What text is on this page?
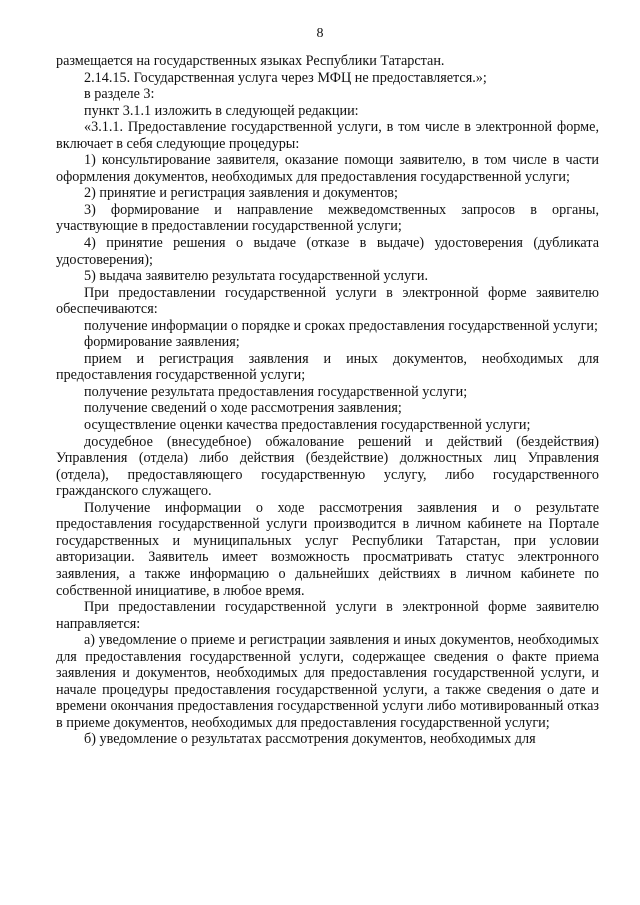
8

размещается на государственных языках Республики Татарстан.

2.14.15. Государственная услуга через МФЦ не предоставляется.»;

в разделе 3:

пункт 3.1.1 изложить в следующей редакции:

«3.1.1. Предоставление государственной услуги, в том числе в электронной форме, включает в себя следующие процедуры:

1) консультирование заявителя, оказание помощи заявителю, в том числе в части оформления документов, необходимых для предоставления государственной услуги;

2) принятие и регистрация заявления и документов;

3) формирование и направление межведомственных запросов в органы, участвующие в предоставлении государственной услуги;

4) принятие решения о выдаче (отказе в выдаче) удостоверения (дубликата удостоверения);

5) выдача заявителю результата государственной услуги.

При предоставлении государственной услуги в электронной форме заявителю обеспечиваются:

получение информации о порядке и сроках предоставления государственной услуги;

формирование заявления;

прием и регистрация заявления и иных документов, необходимых для предоставления государственной услуги;

получение результата предоставления государственной услуги;

получение сведений о ходе рассмотрения заявления;

осуществление оценки качества предоставления государственной услуги;

досудебное (внесудебное) обжалование решений и действий (бездействия) Управления (отдела) либо действия (бездействие) должностных лиц Управления (отдела), предоставляющего государственную услугу, либо государственного гражданского служащего.

Получение информации о ходе рассмотрения заявления и о результате предоставления государственной услуги производится в личном кабинете на Портале государственных и муниципальных услуг Республики Татарстан, при условии авторизации. Заявитель имеет возможность просматривать статус электронного заявления, а также информацию о дальнейших действиях в личном кабинете по собственной инициативе, в любое время.

При предоставлении государственной услуги в электронной форме заявителю направляется:

а) уведомление о приеме и регистрации заявления и иных документов, необходимых для предоставления государственной услуги, содержащее сведения о факте приема заявления и документов, необходимых для предоставления государственной услуги, и начале процедуры предоставления государственной услуги, а также сведения о дате и времени окончания предоставления государственной услуги либо мотивированный отказ в приеме документов, необходимых для предоставления государственной услуги;

б) уведомление о результатах рассмотрения документов, необходимых для
